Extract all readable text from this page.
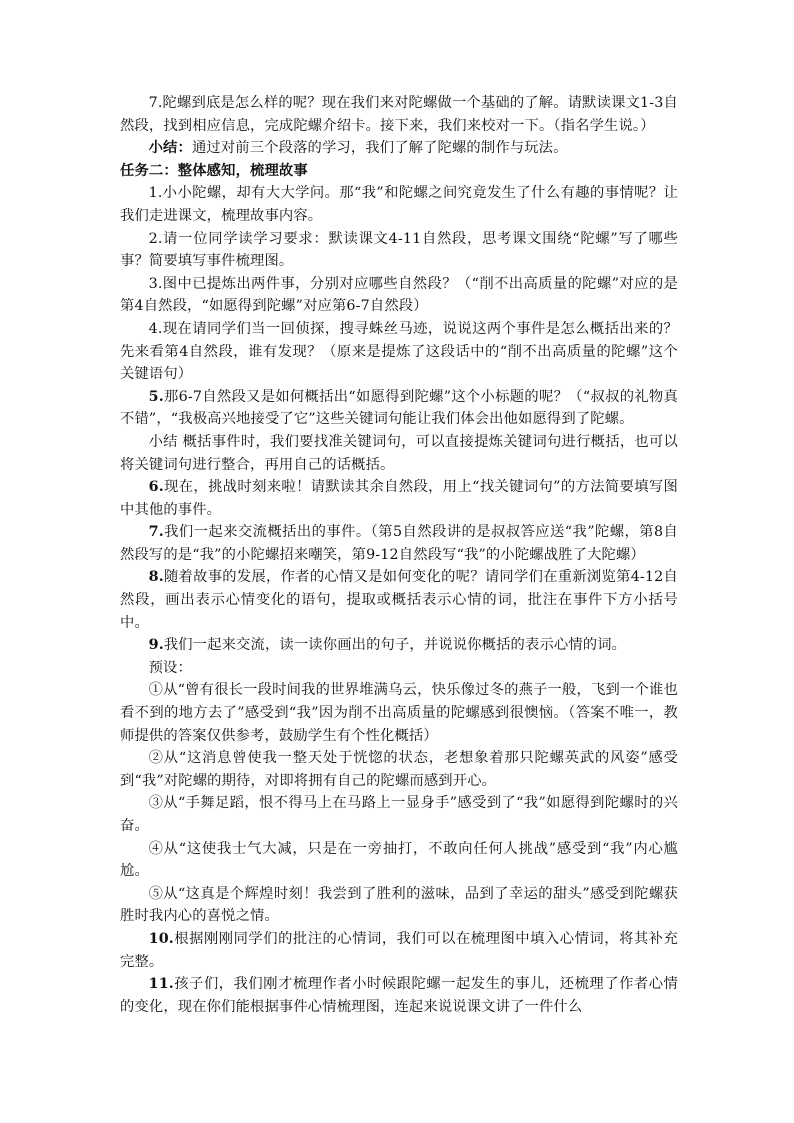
7.陀螺到底是怎么样的呢？现在我们来对陀螺做一个基础的了解。请默读课文1-3自然段，找到相应信息，完成陀螺介绍卡。接下来，我们来校对一下。（指名学生说。）

小结：通过对前三个段落的学习，我们了解了陀螺的制作与玩法。

任务二：整体感知，梳理故事

1.小小陀螺，却有大大学问。那“我”和陀螺之间究竟发生了什么有趣的事情呢？让我们走进课文，梳理故事内容。

2.请一位同学读学习要求：默读课文4-11自然段，思考课文围绕“陀螺”写了哪些事？简要填写事件梳理图。

3.图中已提炼出两件事，分别对应哪些自然段？（“削不出高质量的陀螺”对应的是第4自然段，“如愿得到陀螺”对应第6-7自然段）

4.现在请同学们当一回侦探，搜寻蛛丝马迹，说说这两个事件是怎么概括出来的？先来看第4自然段，谁有发现？（原来是提炼了这段话中的“削不出高质量的陀螺”这个关键语句）

5.那6-7自然段又是如何概括出“如愿得到陀螺”这个小标题的呢？（“叔叔的礼物真不错”，“我极高兴地接受了它”这些关键词句能让我们体会出他如愿得到了陀螺。

小结 概括事件时，我们要找准关键词句，可以直接提炼关键词句进行概括，也可以将关键词句进行整合，再用自己的话概括。

6.现在，挑战时刻来啦！请默读其余自然段，用上“找关键词句”的方法简要填写图中其他的事件。

7.我们一起来交流概括出的事件。（第5自然段讲的是叔叔答应送“我”陀螺，第8自然段写的是“我”的小陀螺招来嘲笑，第9-12自然段写“我”的小陀螺战胜了大陀螺）

8.随着故事的发展，作者的心情又是如何变化的呢？请同学们在重新浏览第4-12自然段，画出表示心情变化的语句，提取或概括表示心情的词，批注在事件下方小括号中。

9.我们一起来交流，读一读你画出的句子，并说说你概括的表示心情的词。

预设：

①从“曾有很长一段时间我的世界堆满乌云，快乐像过冬的燕子一般，飞到一个谁也看不到的地方去了”感受到“我”因为削不出高质量的陀螺感到很懊恼。（答案不唯一，教师提供的答案仅供参考，鼓励学生有个性化概括）

②从“这消息曾使我一整天处于恍惚的状态，老想象着那只陀螺英武的风姿”感受到“我”对陀螺的期待，对即将拥有自己的陀螺而感到开心。

③从“手舞足蹈，恨不得马上在马路上一显身手”感受到了“我”如愿得到陀螺时的兴奋。

④从“这使我士气大减，只是在一旁抽打，不敢向任何人挑战”感受到“我”内心尴尬。

⑤从“这真是个辉煌时刻！我尝到了胜利的滋味，品到了幸运的甜头”感受到陀螺获胜时我内心的喜悦之情。

10.根据刚刚同学们的批注的心情词，我们可以在梳理图中填入心情词，将其补充完整。

11.孩子们，我们刚才梳理作者小时候跟陀螺一起发生的事儿，还梳理了作者心情的变化，现在你们能根据事件心情梳理图，连起来说说课文讲了一件什么
